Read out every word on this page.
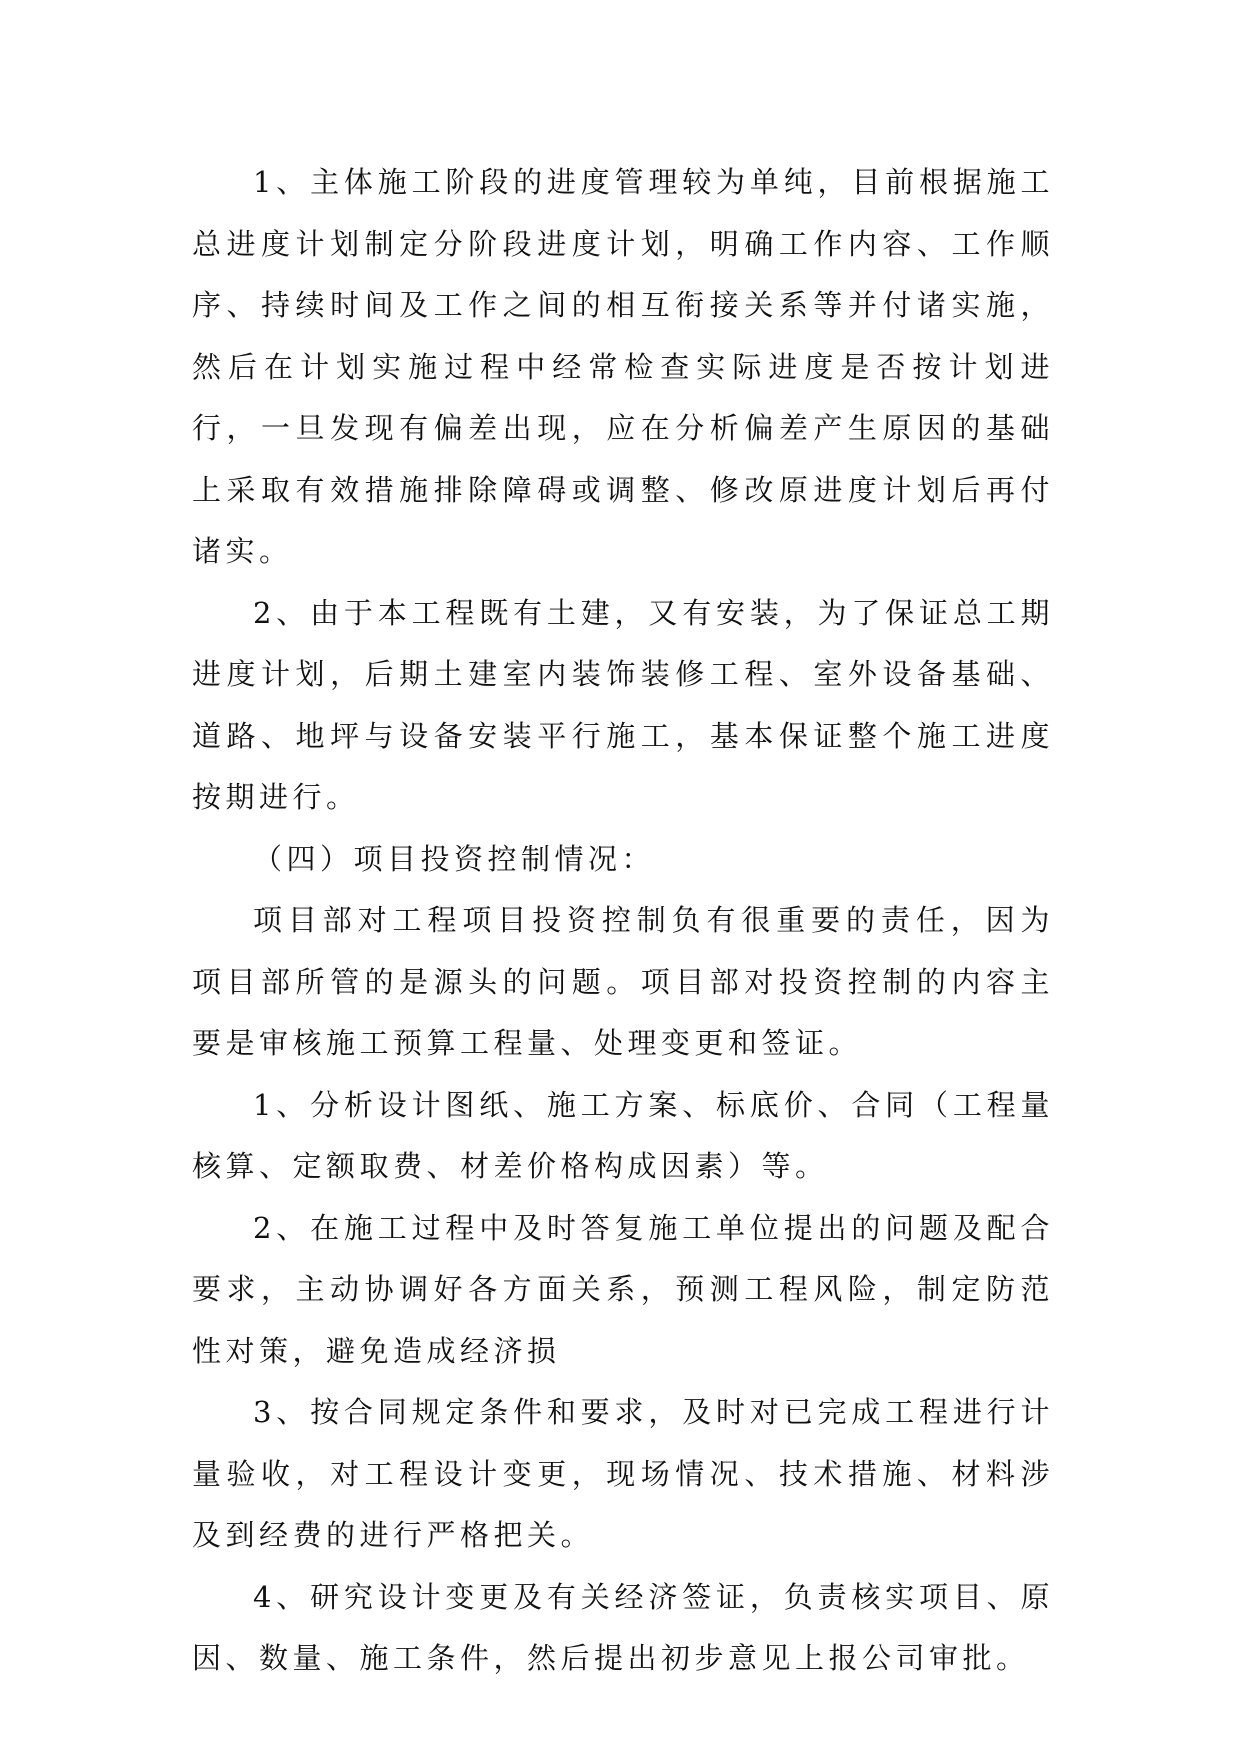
1、主体施工阶段的进度管理较为单纯，目前根据施工总进度计划制定分阶段进度计划，明确工作内容、工作顺序、持续时间及工作之间的相互衔接关系等并付诸实施，然后在计划实施过程中经常检查实际进度是否按计划进行，一旦发现有偏差出现，应在分析偏差产生原因的基础上采取有效措施排除障碍或调整、修改原进度计划后再付诸实。

2、由于本工程既有土建，又有安装，为了保证总工期进度计划，后期土建室内装饰装修工程、室外设备基础、道路、地坪与设备安装平行施工，基本保证整个施工进度按期进行。

（四）项目投资控制情况：

项目部对工程项目投资控制负有很重要的责任，因为项目部所管的是源头的问题。项目部对投资控制的内容主要是审核施工预算工程量、处理变更和签证。

1、分析设计图纸、施工方案、标底价、合同（工程量核算、定额取费、材差价格构成因素）等。

2、在施工过程中及时答复施工单位提出的问题及配合要求，主动协调好各方面关系，预测工程风险，制定防范性对策，避免造成经济损

3、按合同规定条件和要求，及时对已完成工程进行计量验收，对工程设计变更，现场情况、技术措施、材料涉及到经费的进行严格把关。

4、研究设计变更及有关经济签证，负责核实项目、原因、数量、施工条件，然后提出初步意见上报公司审批。
